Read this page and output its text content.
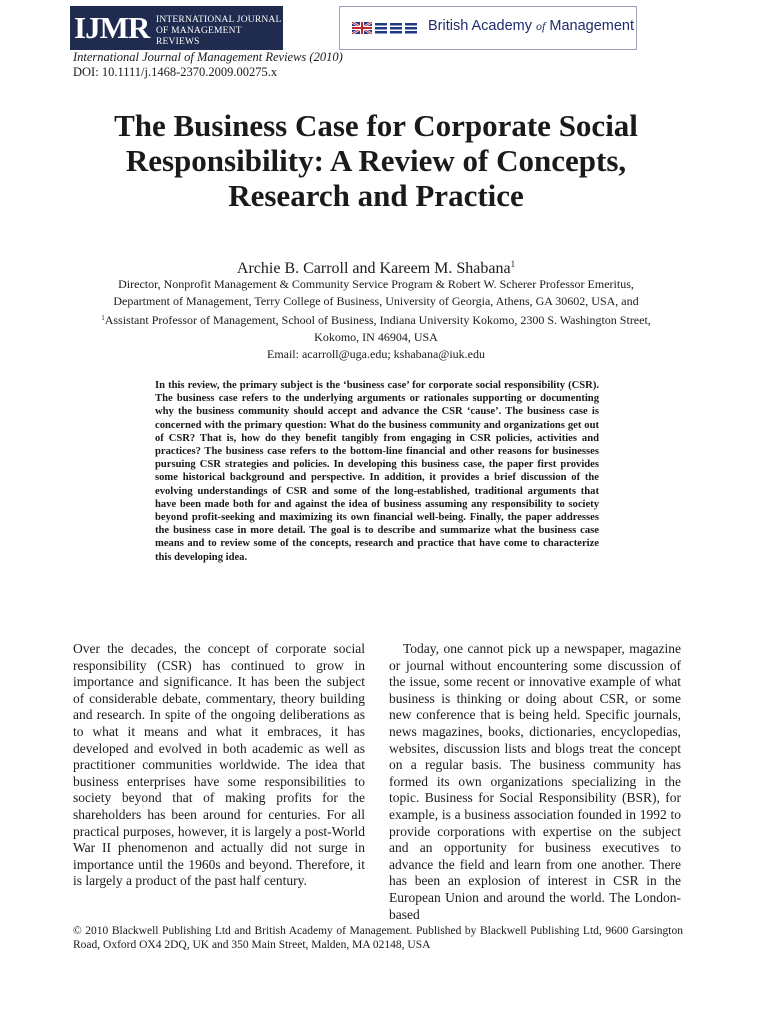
IJMR INTERNATIONAL JOURNAL
OF MANAGEMENT REVIEWS
British Academy of Management
International Journal of Management Reviews (2010)
DOI: 10.1111/j.1468-2370.2009.00275.x
The Business Case for Corporate Social
Responsibility: A Review of Concepts,
Research and Practice
Archie B. Carroll and Kareem M. Shabana$^1$
Director, Nonprofit Management & Community Service Program & Robert W. Scherer Professor Emeritus,
Department of Management, Terry College of Business, University of Georgia, Athens, GA 30602, USA, and
$^1$Assistant Professor of Management, School of Business, Indiana University Kokomo, 2300 S. Washington Street,
Kokomo, IN 46904, USA
Email: acarroll@uga.edu; kshabana@iuk.edu
In this review, the primary subject is the ‘business case’ for corporate social responsibility (CSR). The business case refers to the underlying arguments or rationales supporting or documenting why the business community should accept and advance the CSR ‘cause’. The business case is concerned with the primary question: What do the business community and organizations get out of CSR? That is, how do they benefit tangibly from engaging in CSR policies, activities and practices? The business case refers to the bottom-line financial and other reasons for businesses pursuing CSR strategies and policies. In developing this business case, the paper first provides some historical background and perspective. In addition, it provides a brief discussion of the evolving understandings of CSR and some of the long-established, traditional arguments that have been made both for and against the idea of business assuming any responsibility to society beyond profit-seeking and maximizing its own financial well-being. Finally, the paper addresses the business case in more detail. The goal is to describe and summarize what the business case means and to review some of the concepts, research and practice that have come to characterize this developing idea.
Over the decades, the concept of corporate social responsibility (CSR) has continued to grow in importance and significance. It has been the subject of considerable debate, commentary, theory building and research. In spite of the ongoing deliberations as to what it means and what it embraces, it has developed and evolved in both academic as well as practitioner communities worldwide. The idea that business enterprises have some responsibilities to society beyond that of making profits for the shareholders has been around for centuries. For all practical purposes, however, it is largely a post-World War II phenomenon and actually did not surge in importance until the 1960s and beyond. Therefore, it is largely a product of the past half century.
Today, one cannot pick up a newspaper, magazine or journal without encountering some discussion of the issue, some recent or innovative example of what business is thinking or doing about CSR, or some new conference that is being held. Specific journals, news magazines, books, dictionaries, encyclopedias, websites, discussion lists and blogs treat the concept on a regular basis. The business community has formed its own organizations specializing in the topic. Business for Social Responsibility (BSR), for example, is a business association founded in 1992 to provide corporations with expertise on the subject and an opportunity for business executives to advance the field and learn from one another. There has been an explosion of interest in CSR in the European Union and around the world. The London-based
© 2010 Blackwell Publishing Ltd and British Academy of Management. Published by Blackwell Publishing Ltd, 9600 Garsington Road, Oxford OX4 2DQ, UK and 350 Main Street, Malden, MA 02148, USA
